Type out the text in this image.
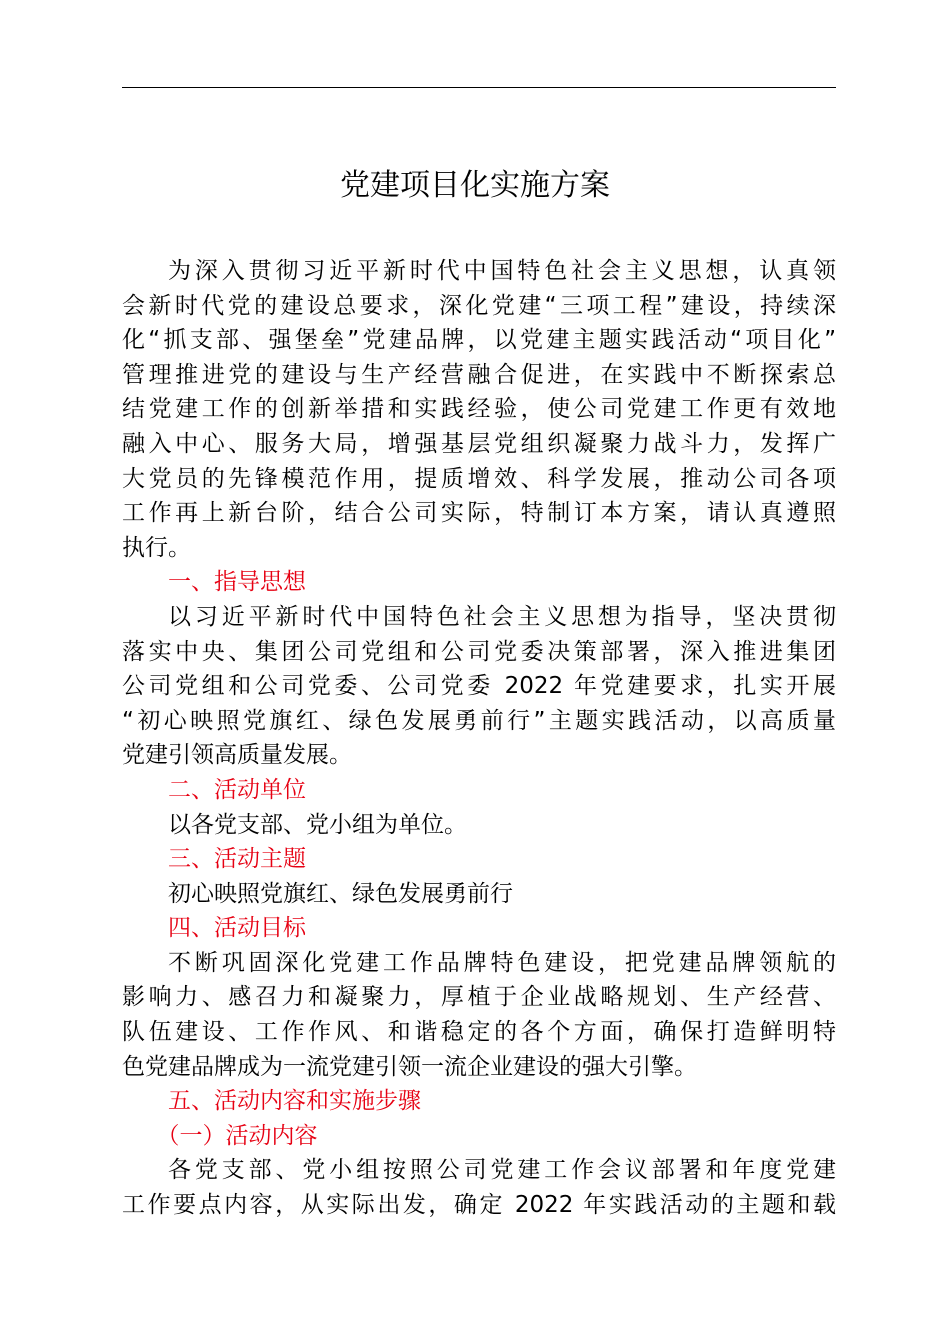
党建项目化实施方案

为深入贯彻习近平新时代中国特色社会主义思想，认真领

会新时代党的建设总要求，深化党建“三项工程”建设，持续深

化“抓支部、强堡垒”党建品牌，以党建主题实践活动“项目化”

管理推进党的建设与生产经营融合促进，在实践中不断探索总

结党建工作的创新举措和实践经验，使公司党建工作更有效地

融入中心、服务大局，增强基层党组织凝聚力战斗力，发挥广

大党员的先锋模范作用，提质增效、科学发展，推动公司各项

工作再上新台阶，结合公司实际，特制订本方案，请认真遵照

执行。

一、指导思想

以习近平新时代中国特色社会主义思想为指导，坚决贯彻

落实中央、集团公司党组和公司党委决策部署，深入推进集团

公司党组和公司党委、公司党委 2022 年党建要求，扎实开展

“初心映照党旗红、绿色发展勇前行”主题实践活动，以高质量

党建引领高质量发展。

二、活动单位

以各党支部、党小组为单位。

三、活动主题

初心映照党旗红、绿色发展勇前行

四、活动目标

不断巩固深化党建工作品牌特色建设，把党建品牌领航的

影响力、感召力和凝聚力，厚植于企业战略规划、生产经营、

队伍建设、工作作风、和谐稳定的各个方面，确保打造鲜明特

色党建品牌成为一流党建引领一流企业建设的强大引擎。

五、活动内容和实施步骤

（一）活动内容

各党支部、党小组按照公司党建工作会议部署和年度党建

工作要点内容，从实际出发，确定 2022 年实践活动的主题和载
